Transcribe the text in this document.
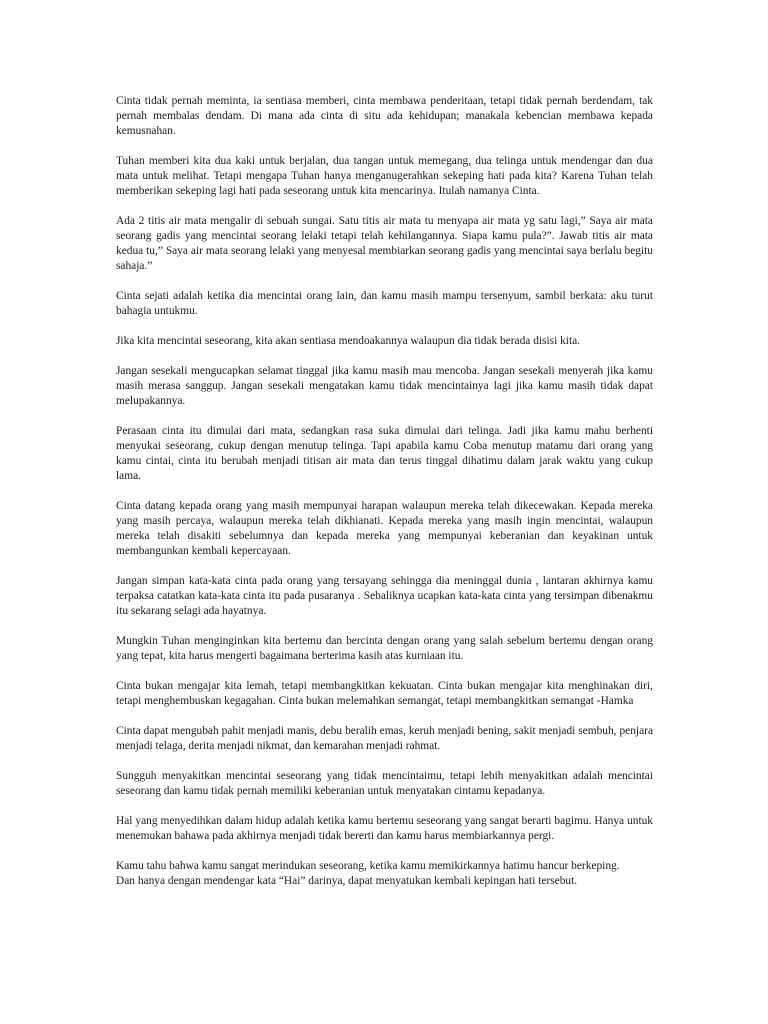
Cinta tidak pernah meminta, ia sentiasa memberi, cinta membawa penderitaan, tetapi tidak pernah berdendam, tak pernah membalas dendam. Di mana ada cinta di situ ada kehidupan; manakala kebencian membawa kepada kemusnahan.

Tuhan memberi kita dua kaki untuk berjalan, dua tangan untuk memegang, dua telinga untuk mendengar dan dua mata untuk melihat. Tetapi mengapa Tuhan hanya menganugerahkan sekeping hati pada kita? Karena Tuhan telah memberikan sekeping lagi hati pada seseorang untuk kita mencarinya. Itulah namanya Cinta.

Ada 2 titis air mata mengalir di sebuah sungai. Satu titis air mata tu menyapa air mata yg satu lagi,” Saya air mata seorang gadis yang mencintai seorang lelaki tetapi telah kehilangannya. Siapa kamu pula?”. Jawab titis air mata kedua tu,” Saya air mata seorang lelaki yang menyesal membiarkan seorang gadis yang mencintai saya berlalu begitu sahaja.”

Cinta sejati adalah ketika dia mencintai orang lain, dan kamu masih mampu tersenyum, sambil berkata: aku turut bahagia untukmu.

Jika kita mencintai seseorang, kita akan sentiasa mendoakannya walaupun dia tidak berada disisi kita.

Jangan sesekali mengucapkan selamat tinggal jika kamu masih mau mencoba. Jangan sesekali menyerah jika kamu masih merasa sanggup. Jangan sesekali mengatakan kamu tidak mencintainya lagi jika kamu masih tidak dapat melupakannya.

Perasaan cinta itu dimulai dari mata, sedangkan rasa suka dimulai dari telinga. Jadi jika kamu mahu berhenti menyukai seseorang, cukup dengan menutup telinga. Tapi apabila kamu Coba menutup matamu dari orang yang kamu cintai, cinta itu berubah menjadi titisan air mata dan terus tinggal dihatimu dalam jarak waktu yang cukup lama.

Cinta datang kepada orang yang masih mempunyai harapan walaupun mereka telah dikecewakan. Kepada mereka yang masih percaya, walaupun mereka telah dikhianati. Kepada mereka yang masih ingin mencintai, walaupun mereka telah disakiti sebelumnya dan kepada mereka yang mempunyai keberanian dan keyakinan untuk membangunkan kembali kepercayaan.

Jangan simpan kata-kata cinta pada orang yang tersayang sehingga dia meninggal dunia , lantaran akhirnya kamu terpaksa catatkan kata-kata cinta itu pada pusaranya . Sebaliknya ucapkan kata-kata cinta yang tersimpan dibenakmu itu sekarang selagi ada hayatnya.

Mungkin Tuhan menginginkan kita bertemu dan bercinta dengan orang yang salah sebelum bertemu dengan orang yang tepat, kita harus mengerti bagaimana berterima kasih atas kurniaan itu.

Cinta bukan mengajar kita lemah, tetapi membangkitkan kekuatan. Cinta bukan mengajar kita menghinakan diri, tetapi menghembuskan kegagahan. Cinta bukan melemahkan semangat, tetapi membangkitkan semangat -Hamka

Cinta dapat mengubah pahit menjadi manis, debu beralih emas, keruh menjadi bening, sakit menjadi sembuh, penjara menjadi telaga, derita menjadi nikmat, dan kemarahan menjadi rahmat.

Sungguh menyakitkan mencintai seseorang yang tidak mencintaimu, tetapi lebih menyakitkan adalah mencintai seseorang dan kamu tidak pernah memiliki keberanian untuk menyatakan cintamu kepadanya.

Hal yang menyedihkan dalam hidup adalah ketika kamu bertemu seseorang yang sangat berarti bagimu. Hanya untuk menemukan bahawa pada akhirnya menjadi tidak bererti dan kamu harus membiarkannya pergi.

Kamu tahu bahwa kamu sangat merindukan seseorang, ketika kamu memikirkannya hatimu hancur berkeping.

Dan hanya dengan mendengar kata “Hai” darinya, dapat menyatukan kembali kepingan hati tersebut.
